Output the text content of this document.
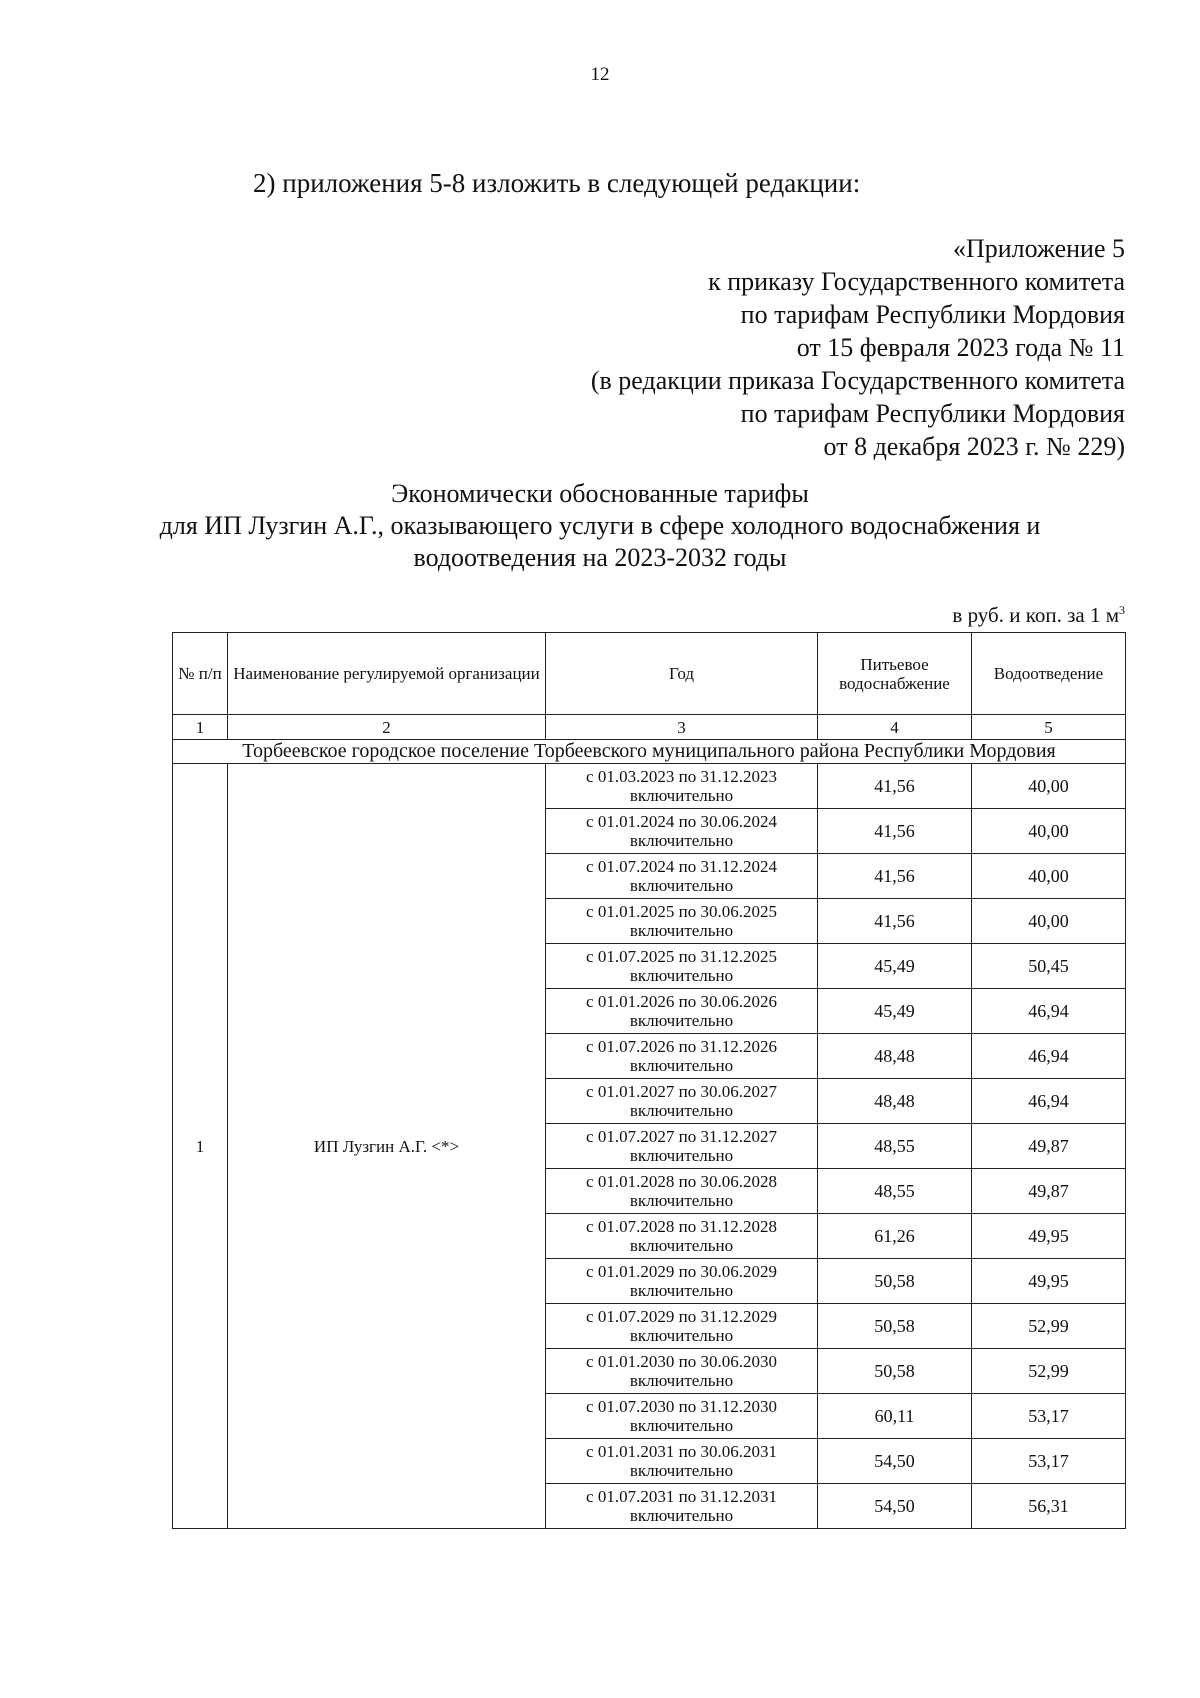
12
2) приложения 5-8 изложить в следующей редакции:
«Приложение 5
к приказу Государственного комитета
по тарифам Республики Мордовия
от 15 февраля 2023 года № 11
(в редакции приказа Государственного комитета
по тарифам Республики Мордовия
от 8 декабря 2023 г. № 229)
Экономически обоснованные тарифы
для ИП Лузгин А.Г., оказывающего услуги в сфере холодного водоснабжения и
водоотведения на 2023-2032 годы
в руб. и коп. за 1 $м^3$
№ п/п	Наименование регулируемой организации	Год	Питьевое водоснабжение	Водоотведение
1	2	3	4	5
Торбеевское городское поселение Торбеевского муниципального района Республики Мордовия				
1	ИП Лузгин А.Г. <*>	с 01.03.2023 по 31.12.2023 включительно	41,56	40,00
		с 01.01.2024 по 30.06.2024 включительно	41,56	40,00
		с 01.07.2024 по 31.12.2024 включительно	41,56	40,00
		с 01.01.2025 по 30.06.2025 включительно	41,56	40,00
		с 01.07.2025 по 31.12.2025 включительно	45,49	50,45
		с 01.01.2026 по 30.06.2026 включительно	45,49	46,94
		с 01.07.2026 по 31.12.2026 включительно	48,48	46,94
		с 01.01.2027 по 30.06.2027 включительно	48,48	46,94
		с 01.07.2027 по 31.12.2027 включительно	48,55	49,87
		с 01.01.2028 по 30.06.2028 включительно	48,55	49,87
		с 01.07.2028 по 31.12.2028 включительно	61,26	49,95
		с 01.01.2029 по 30.06.2029 включительно	50,58	49,95
		с 01.07.2029 по 31.12.2029 включительно	50,58	52,99
		с 01.01.2030 по 30.06.2030 включительно	50,58	52,99
		с 01.07.2030 по 31.12.2030 включительно	60,11	53,17
		с 01.01.2031 по 30.06.2031 включительно	54,50	53,17
		с 01.07.2031 по 31.12.2031 включительно	54,50	56,31
